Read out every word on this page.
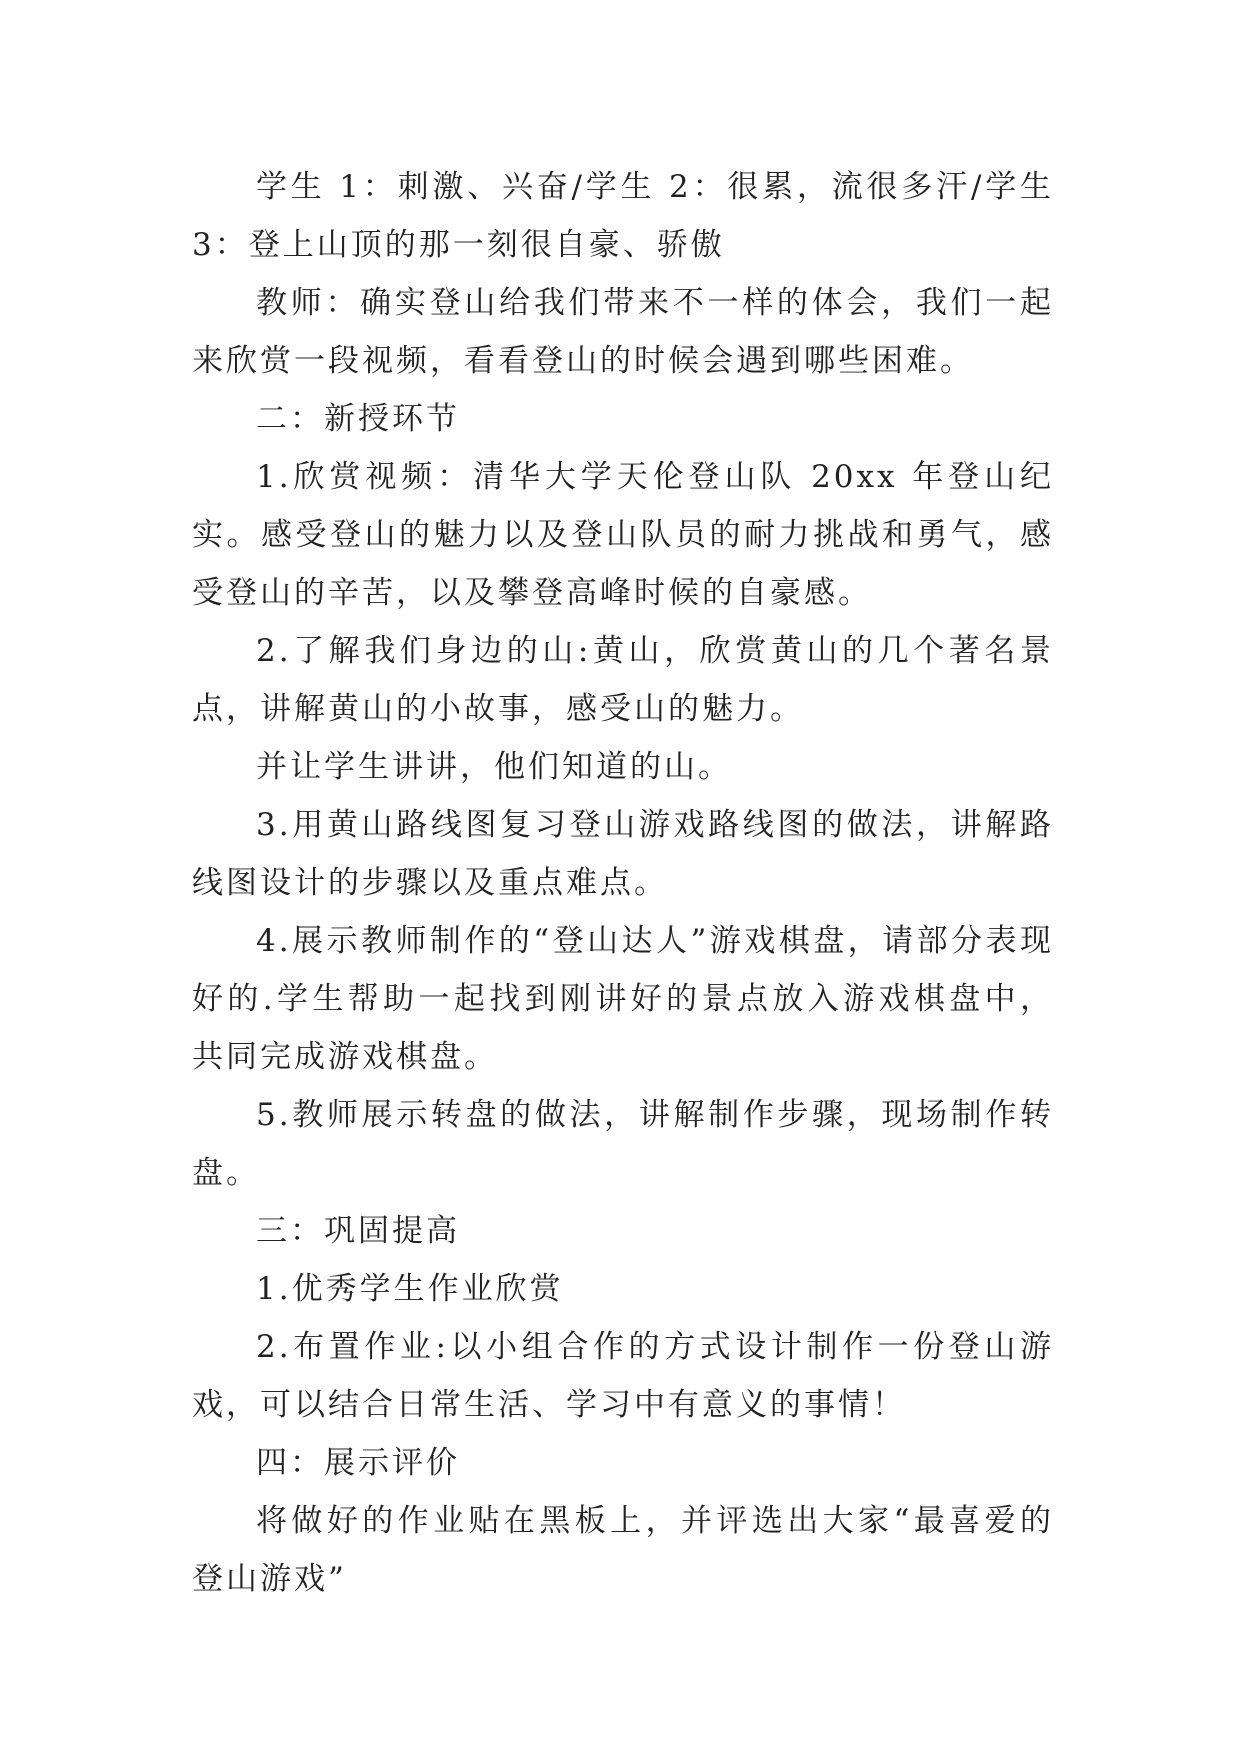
学生 1：刺激、兴奋/学生 2：很累，流很多汗/学生 3：登上山顶的那一刻很自豪、骄傲

教师：确实登山给我们带来不一样的体会，我们一起来欣赏一段视频，看看登山的时候会遇到哪些困难。

二：新授环节

1.欣赏视频：清华大学天伦登山队 20xx 年登山纪实。感受登山的魅力以及登山队员的耐力挑战和勇气，感受登山的辛苦，以及攀登高峰时候的自豪感。

2.了解我们身边的山:黄山，欣赏黄山的几个著名景点，讲解黄山的小故事，感受山的魅力。

并让学生讲讲，他们知道的山。

3.用黄山路线图复习登山游戏路线图的做法，讲解路线图设计的步骤以及重点难点。

4.展示教师制作的“登山达人”游戏棋盘，请部分表现好的.学生帮助一起找到刚讲好的景点放入游戏棋盘中，共同完成游戏棋盘。

5.教师展示转盘的做法，讲解制作步骤，现场制作转盘。

三：巩固提高

1.优秀学生作业欣赏

2.布置作业:以小组合作的方式设计制作一份登山游戏，可以结合日常生活、学习中有意义的事情！

四：展示评价

将做好的作业贴在黑板上，并评选出大家“最喜爱的登山游戏”
